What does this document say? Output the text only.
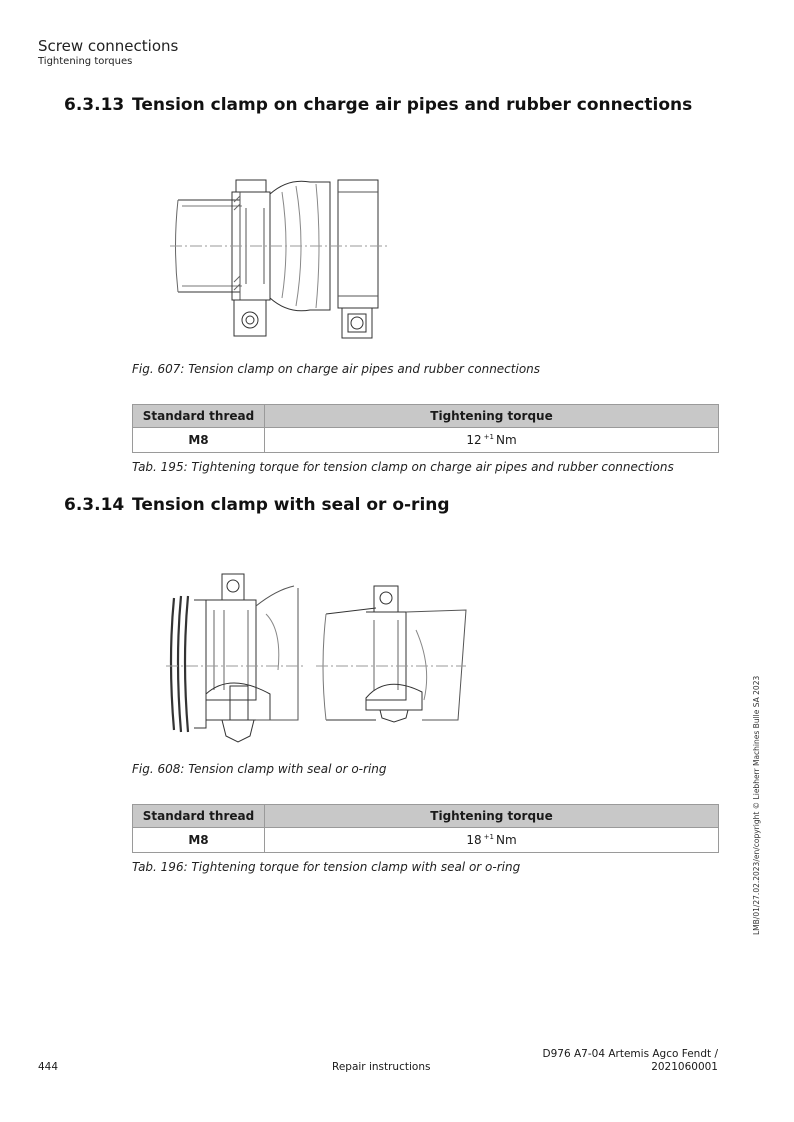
Screw connections
Tightening torques
6.3.13 Tension clamp on charge air pipes and rubber connections
Fig. 607: Tension clamp on charge air pipes and rubber connections
Standard thread	Tightening torque
M8	12 $^{+1}$ Nm
Tab. 195: Tightening torque for tension clamp on charge air pipes and rubber connections
6.3.14 Tension clamp with seal or o-ring
Fig. 608: Tension clamp with seal or o-ring
Standard thread	Tightening torque
M8	18 $^{+1}$ Nm
Tab. 196: Tightening torque for tension clamp with seal or o-ring	LMB/01/27.02.2023/en/copyright © Liebherr Machines Bulle SA 2023
444	Repair instructions
D976 A7-04 Artemis Agco Fendt /
2021060001
